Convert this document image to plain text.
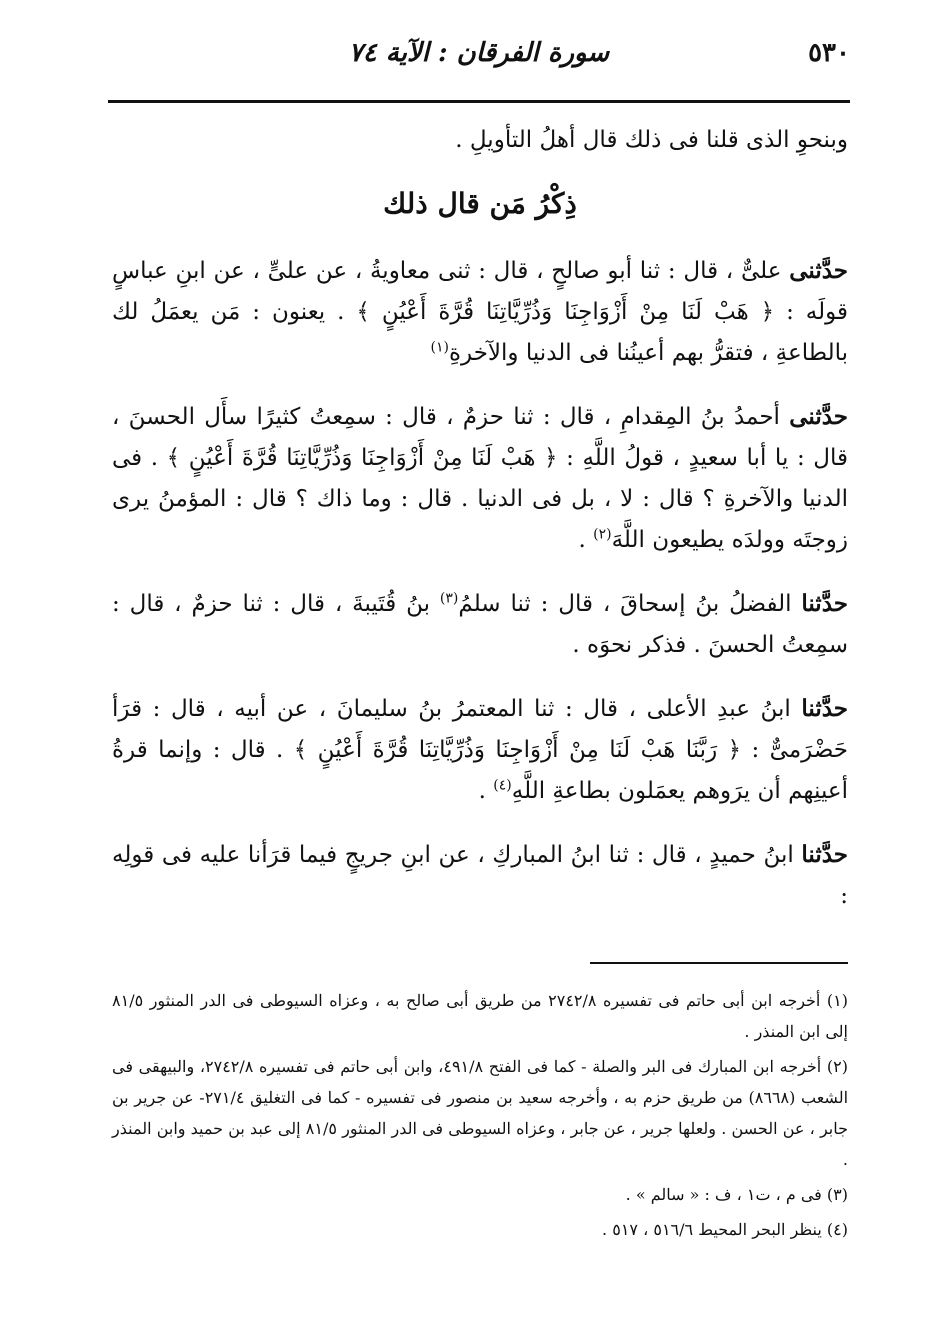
٥٣٠
سورة الفرقان : الآية ٧٤

وبنحوِ الذى قلنا فى ذلك قال أهلُ التأويلِ .

ذِكْرُ مَن قال ذلك

حدَّثنى علىٌّ ، قال : ثنا أبو صالحٍ ، قال : ثنى معاويةُ ، عن علىٍّ ، عن ابنِ عباسٍ قولَه : ﴿ هَبْ لَنَا مِنْ أَزْوَاجِنَا وَذُرِّيَّاتِنَا قُرَّةَ أَعْيُنٍ ﴾ . يعنون : مَن يعمَلُ لك بالطاعةِ ، فتقرُّ بهم أعينُنا فى الدنيا والآخرةِ$^{(١)}$

حدَّثنى أحمدُ بنُ المِقدامِ ، قال : ثنا حزمٌ ، قال : سمِعتُ كثيرًا سأَل الحسنَ ، قال : يا أبا سعيدٍ ، قولُ اللَّهِ : ﴿ هَبْ لَنَا مِنْ أَزْوَاجِنَا وَذُرِّيَّاتِنَا قُرَّةَ أَعْيُنٍ ﴾ . فى الدنيا والآخرةِ ؟ قال : لا ، بل فى الدنيا . قال : وما ذاك ؟ قال : المؤمنُ يرى زوجتَه وولدَه يطيعون اللَّهَ$^{(٢)}$ .

حدَّثنا الفضلُ بنُ إسحاقَ ، قال : ثنا سلمُ$^{(٣)}$ بنُ قُتَيبةَ ، قال : ثنا حزمٌ ، قال : سمِعتُ الحسنَ . فذكر نحوَه .

حدَّثنا ابنُ عبدِ الأعلى ، قال : ثنا المعتمرُ بنُ سليمانَ ، عن أبيه ، قال : قرَأ حَضْرَمىٌّ : ﴿ رَبَّنَا هَبْ لَنَا مِنْ أَزْوَاجِنَا وَذُرِّيَّاتِنَا قُرَّةَ أَعْيُنٍ ﴾ . قال : وإنما قرةُ أعينِهم أن يرَوهم يعمَلون بطاعةِ اللَّهِ$^{(٤)}$ .

حدَّثنا ابنُ حميدٍ ، قال : ثنا ابنُ المباركِ ، عن ابنِ جريجٍ فيما قرَأنا عليه فى قولِه :

(١) أخرجه ابن أبى حاتم فى تفسيره ٢٧٤٢/٨ من طريق أبى صالح به ، وعزاه السيوطى فى الدر المنثور ٨١/٥ إلى ابن المنذر .

(٢) أخرجه ابن المبارك فى البر والصلة - كما فى الفتح ٤٩١/٨، وابن أبى حاتم فى تفسيره ٢٧٤٢/٨، والبيهقى فى الشعب (٨٦٦٨) من طريق حزم به ، وأخرجه سعيد بن منصور فى تفسيره - كما فى التغليق ٢٧١/٤- عن جرير بن جابر ، عن الحسن . ولعلها جرير ، عن جابر ، وعزاه السيوطى فى الدر المنثور ٨١/٥ إلى عبد بن حميد وابن المنذر .

(٣) فى م ، ت١ ، ف : « سالم » .

(٤) ينظر البحر المحيط ٥١٦/٦ ، ٥١٧ .
